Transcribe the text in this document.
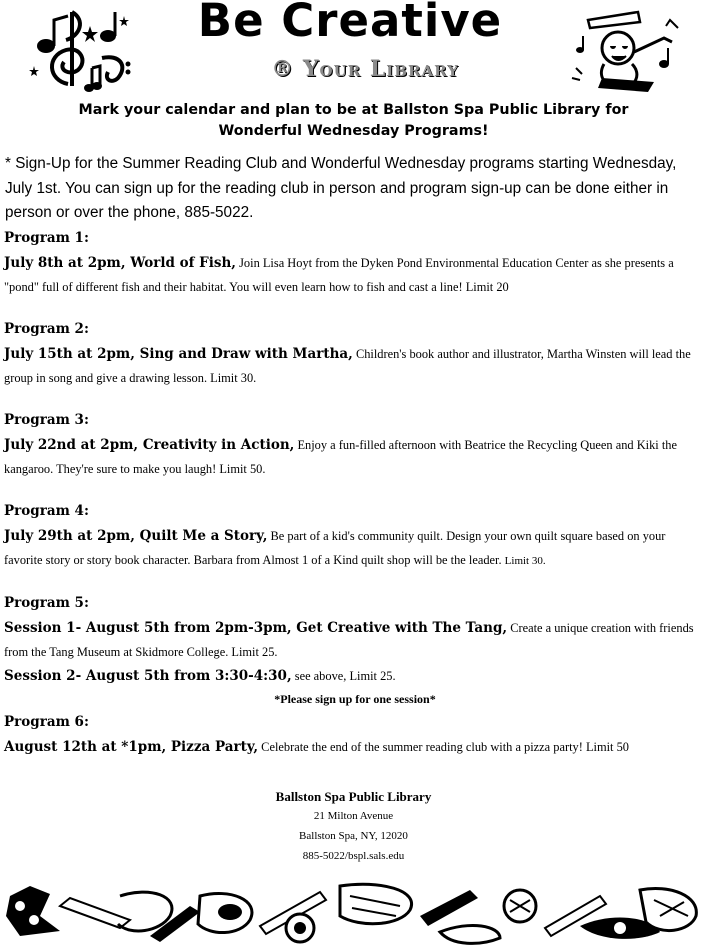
Be Creative
® Your Library
Mark your calendar and plan to be at Ballston Spa Public Library for
Wonderful Wednesday Programs!
* Sign-Up for the Summer Reading Club and Wonderful Wednesday programs starting Wednesday, July 1st. You can sign up for the reading club in person and program sign-up can be done either in person or over the phone, 885-5022.
Program 1:
July 8th at 2pm, World of Fish, Join Lisa Hoyt from the Dyken Pond Environmental Education Center as she presents a "pond" full of different fish and their habitat. You will even learn how to fish and cast a line! Limit 20
Program 2:
July 15th at 2pm, Sing and Draw with Martha, Children's book author and illustrator, Martha Winsten will lead the group in song and give a drawing lesson. Limit 30.
Program 3:
July 22nd at 2pm, Creativity in Action, Enjoy a fun-filled afternoon with Beatrice the Recycling Queen and Kiki the kangaroo. They're sure to make you laugh! Limit 50.
Program 4:
July 29th at 2pm, Quilt Me a Story, Be part of a kid's community quilt. Design your own quilt square based on your favorite story or story book character. Barbara from Almost 1 of a Kind quilt shop will be the leader. Limit 30.
Program 5:
Session 1- August 5th from 2pm-3pm, Get Creative with The Tang, Create a unique creation with friends from the Tang Museum at Skidmore College. Limit 25.
Session 2- August 5th from 3:30-4:30, see above, Limit 25.
*Please sign up for one session*
Program 6:
August 12th at *1pm, Pizza Party, Celebrate the end of the summer reading club with a pizza party! Limit 50
Ballston Spa Public Library
21 Milton Avenue
Ballston Spa, NY, 12020
885-5022/bspl.sals.edu
